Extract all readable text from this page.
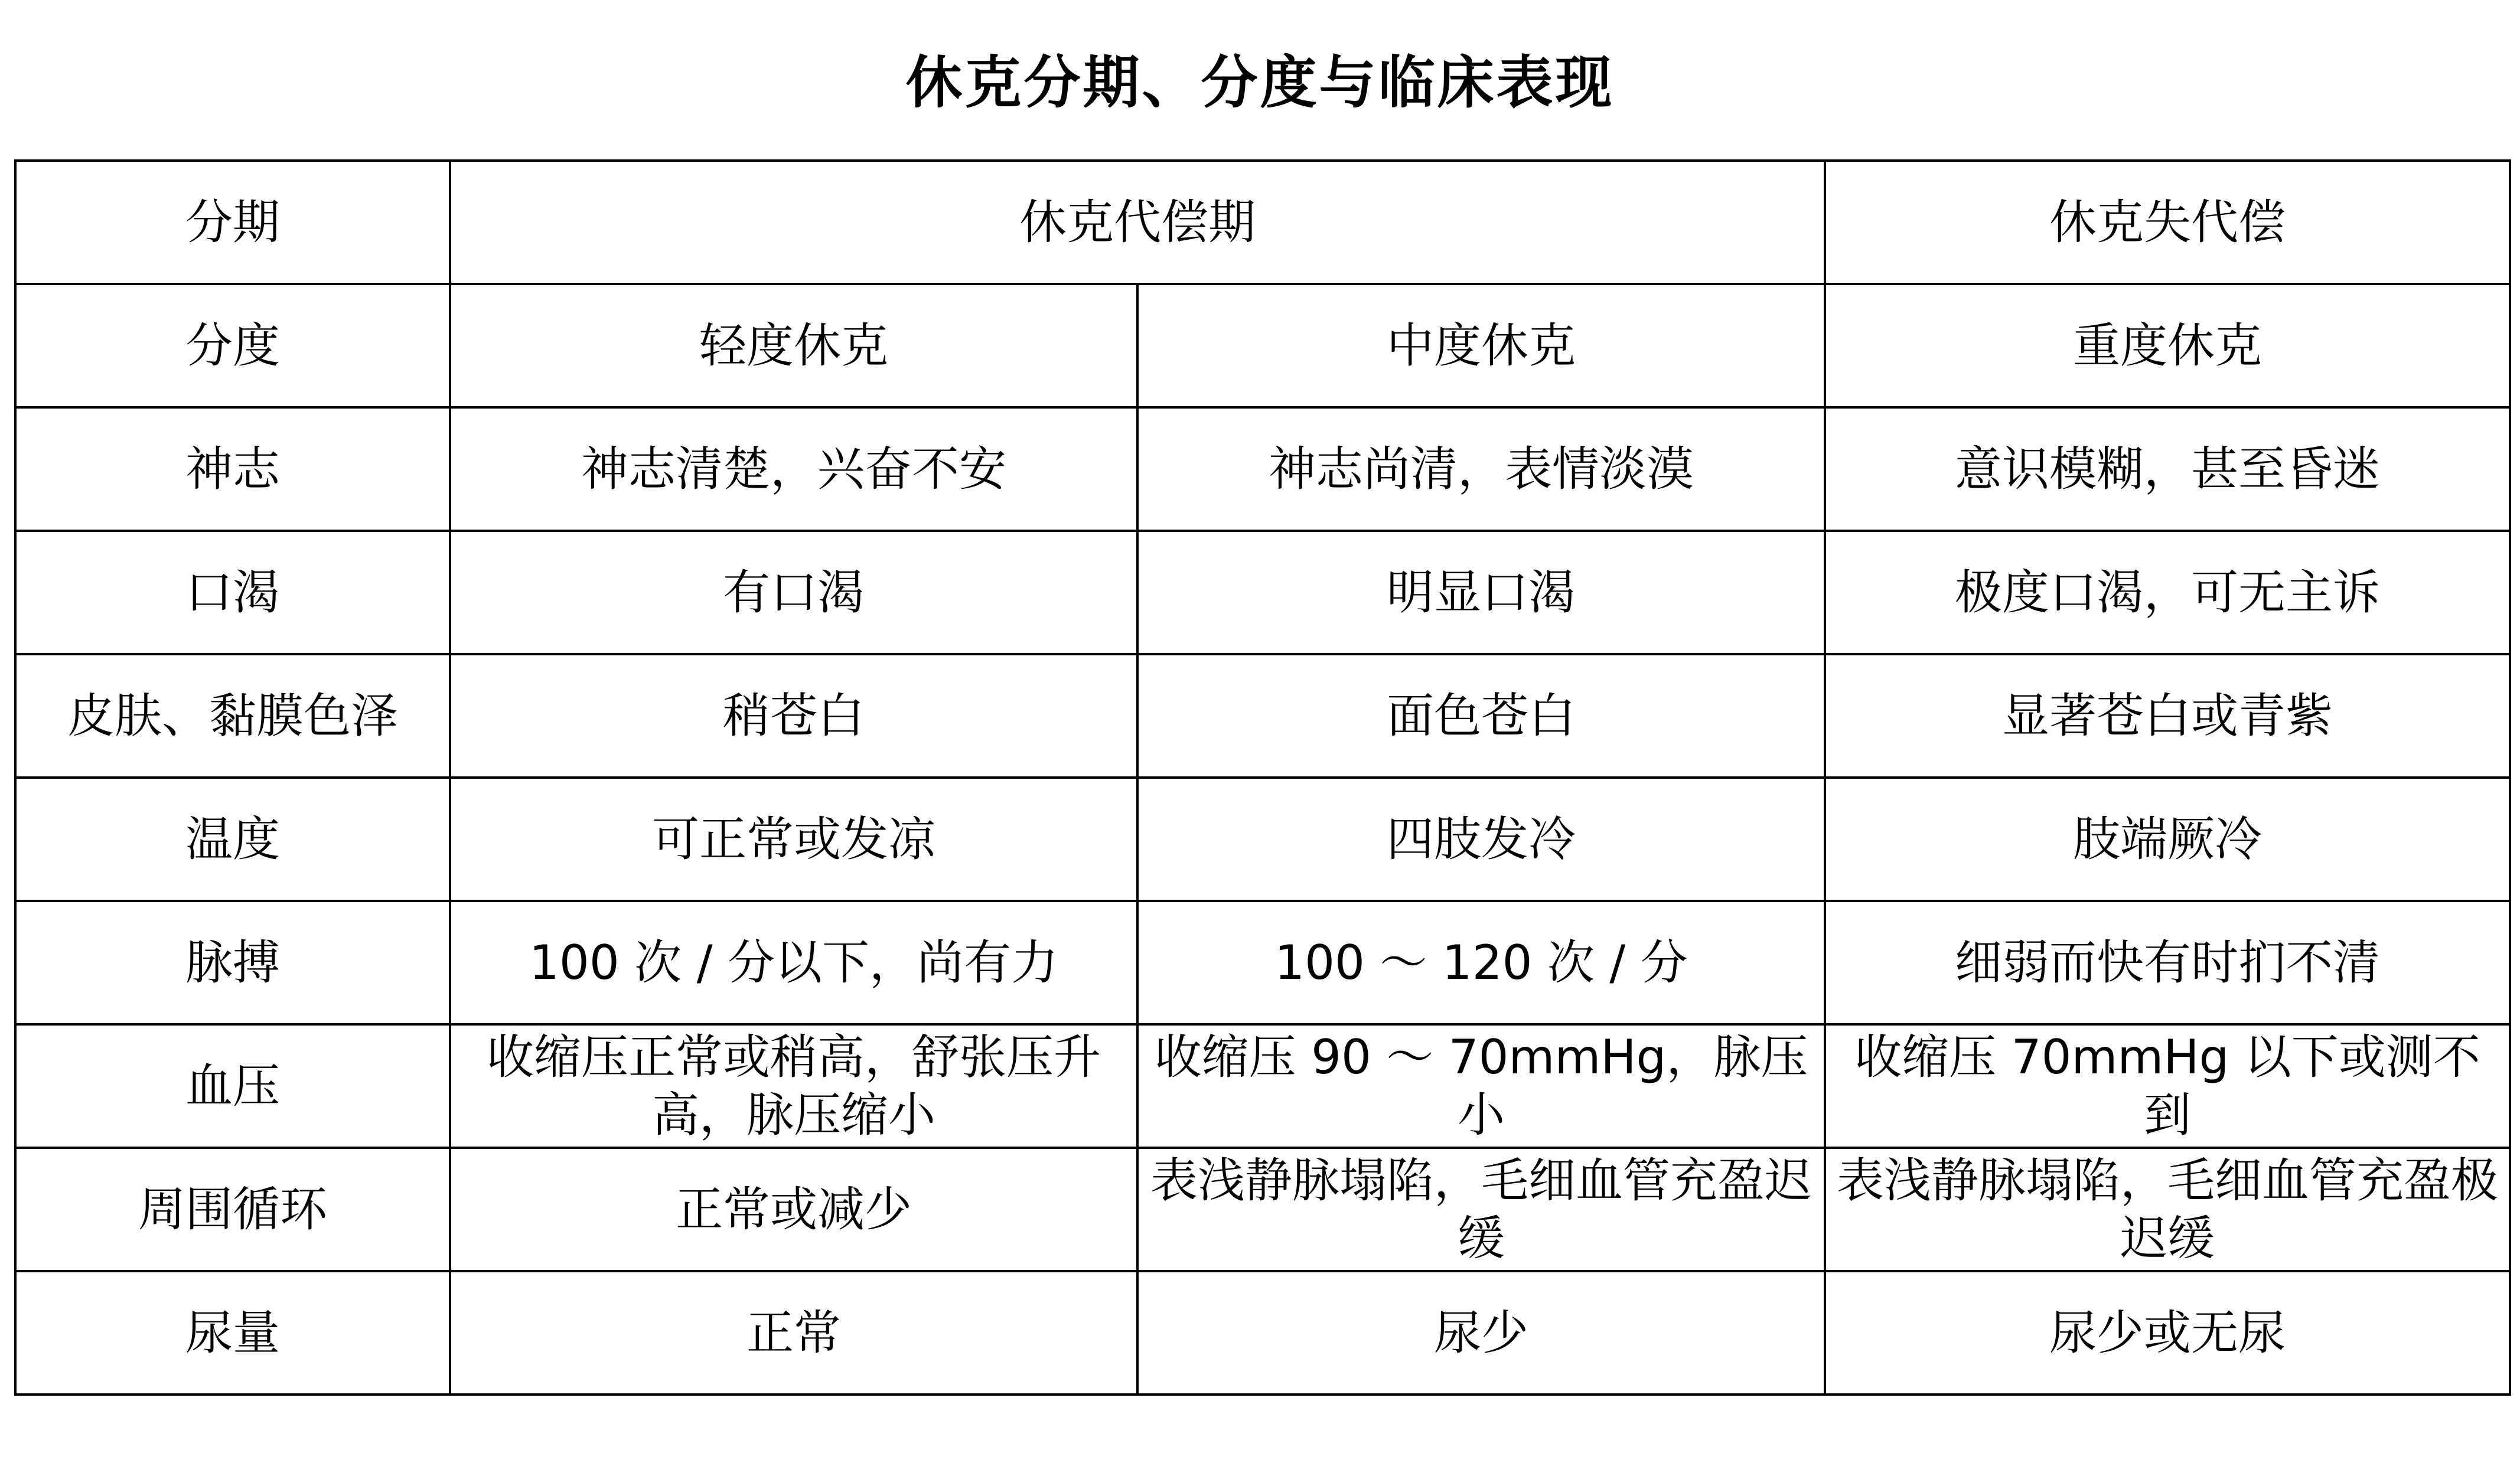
休克分期、分度与临床表现
分期	休克代偿期		休克失代偿
分度	轻度休克	中度休克	重度休克
神志	神志清楚，兴奋不安	神志尚清，表情淡漠	意识模糊，甚至昏迷
口渴	有口渴	明显口渴	极度口渴，可无主诉
皮肤、黏膜色泽	稍苍白	面色苍白	显著苍白或青紫
温度	可正常或发凉	四肢发冷	肢端厥冷
脉搏	100 次 / 分以下，尚有力	100 ～ 120 次 / 分	细弱而快有时扪不清
血压	收缩压正常或稍高，舒张压升高，脉压缩小	收缩压 90 ～ 70mmHg，脉压小	收缩压 70mmHg 以下或测不到
周围循环	正常或减少	表浅静脉塌陷，毛细血管充盈迟缓	表浅静脉塌陷，毛细血管充盈极迟缓
尿量	正常	尿少	尿少或无尿
